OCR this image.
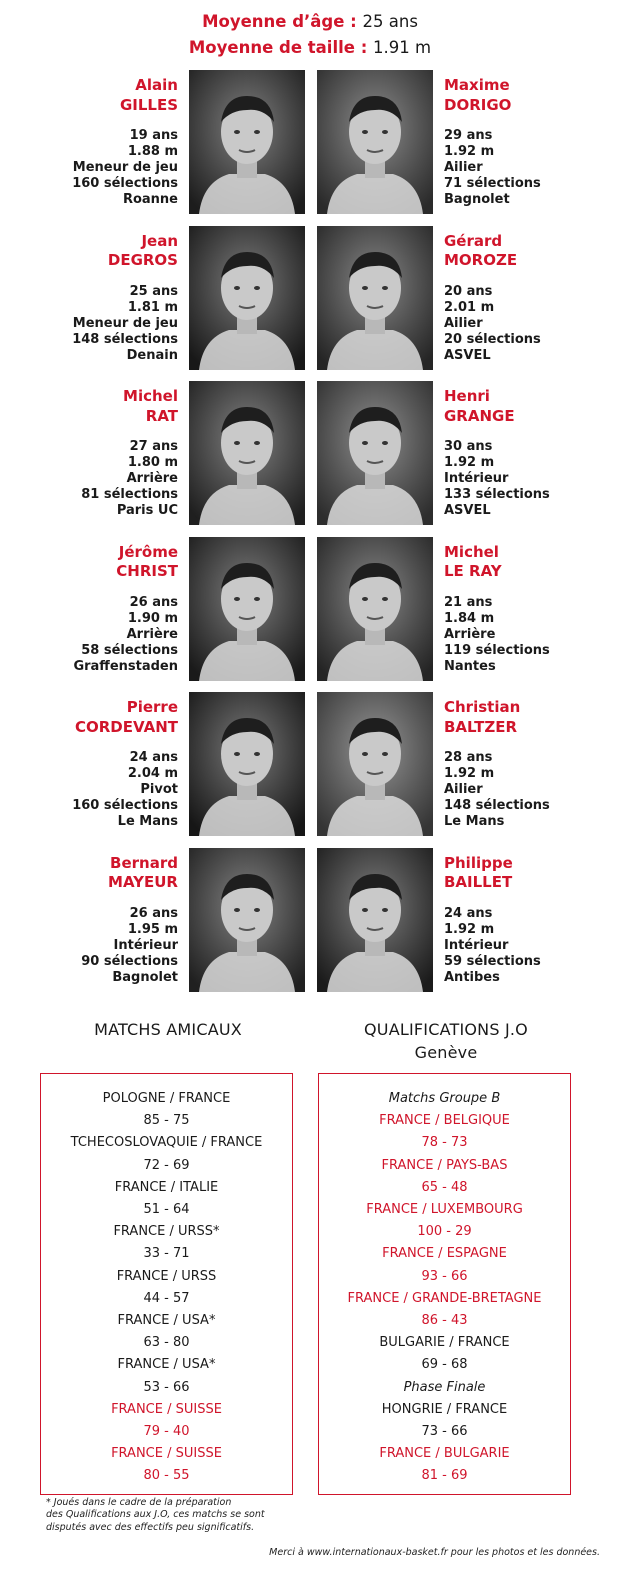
Moyenne d’âge : 25 ans
Moyenne de taille : 1.91 m
Alain
GILLES
19 ans
1.88 m
Meneur de jeu
160 sélections
Roanne
Maxime
DORIGO
29 ans
1.92 m
Ailier
71 sélections
Bagnolet
Jean
DEGROS
25 ans
1.81 m
Meneur de jeu
148 sélections
Denain
Gérard
MOROZE
20 ans
2.01 m
Ailier
20 sélections
ASVEL
Michel
RAT
27 ans
1.80 m
Arrière
81 sélections
Paris UC
Henri
GRANGE
30 ans
1.92 m
Intérieur
133 sélections
ASVEL
Jérôme
CHRIST
26 ans
1.90 m
Arrière
58 sélections
Graffenstaden
Michel
LE RAY
21 ans
1.84 m
Arrière
119 sélections
Nantes
Pierre
CORDEVANT
24 ans
2.04 m
Pivot
160 sélections
Le Mans
Christian
BALTZER
28 ans
1.92 m
Ailier
148 sélections
Le Mans
Bernard
MAYEUR
26 ans
1.95 m
Intérieur
90 sélections
Bagnolet
Philippe
BAILLET
24 ans
1.92 m
Intérieur
59 sélections
Antibes
MATCHS AMICAUX	QUALIFICATIONS J.O
Genève
POLOGNE / FRANCE
85 - 75
TCHECOSLOVAQUIE / FRANCE
72 - 69
FRANCE / ITALIE
51 - 64
FRANCE / URSS*
33 - 71
FRANCE / URSS
44 - 57
FRANCE / USA*
63 - 80
FRANCE / USA*
53 - 66
FRANCE / SUISSE
79 - 40
FRANCE / SUISSE
80 - 55
Matchs Groupe B
FRANCE / BELGIQUE
78 - 73
FRANCE / PAYS-BAS
65 - 48
FRANCE / LUXEMBOURG
100 - 29
FRANCE / ESPAGNE
93 - 66
FRANCE / GRANDE-BRETAGNE
86 - 43
BULGARIE / FRANCE
69 - 68
Phase Finale
HONGRIE / FRANCE
73 - 66
FRANCE / BULGARIE
81 - 69
* Joués dans le cadre de la préparation
des Qualifications aux J.O, ces matchs se sont
disputés avec des effectifs peu significatifs.
Merci à www.internationaux-basket.fr pour les photos et les données.
